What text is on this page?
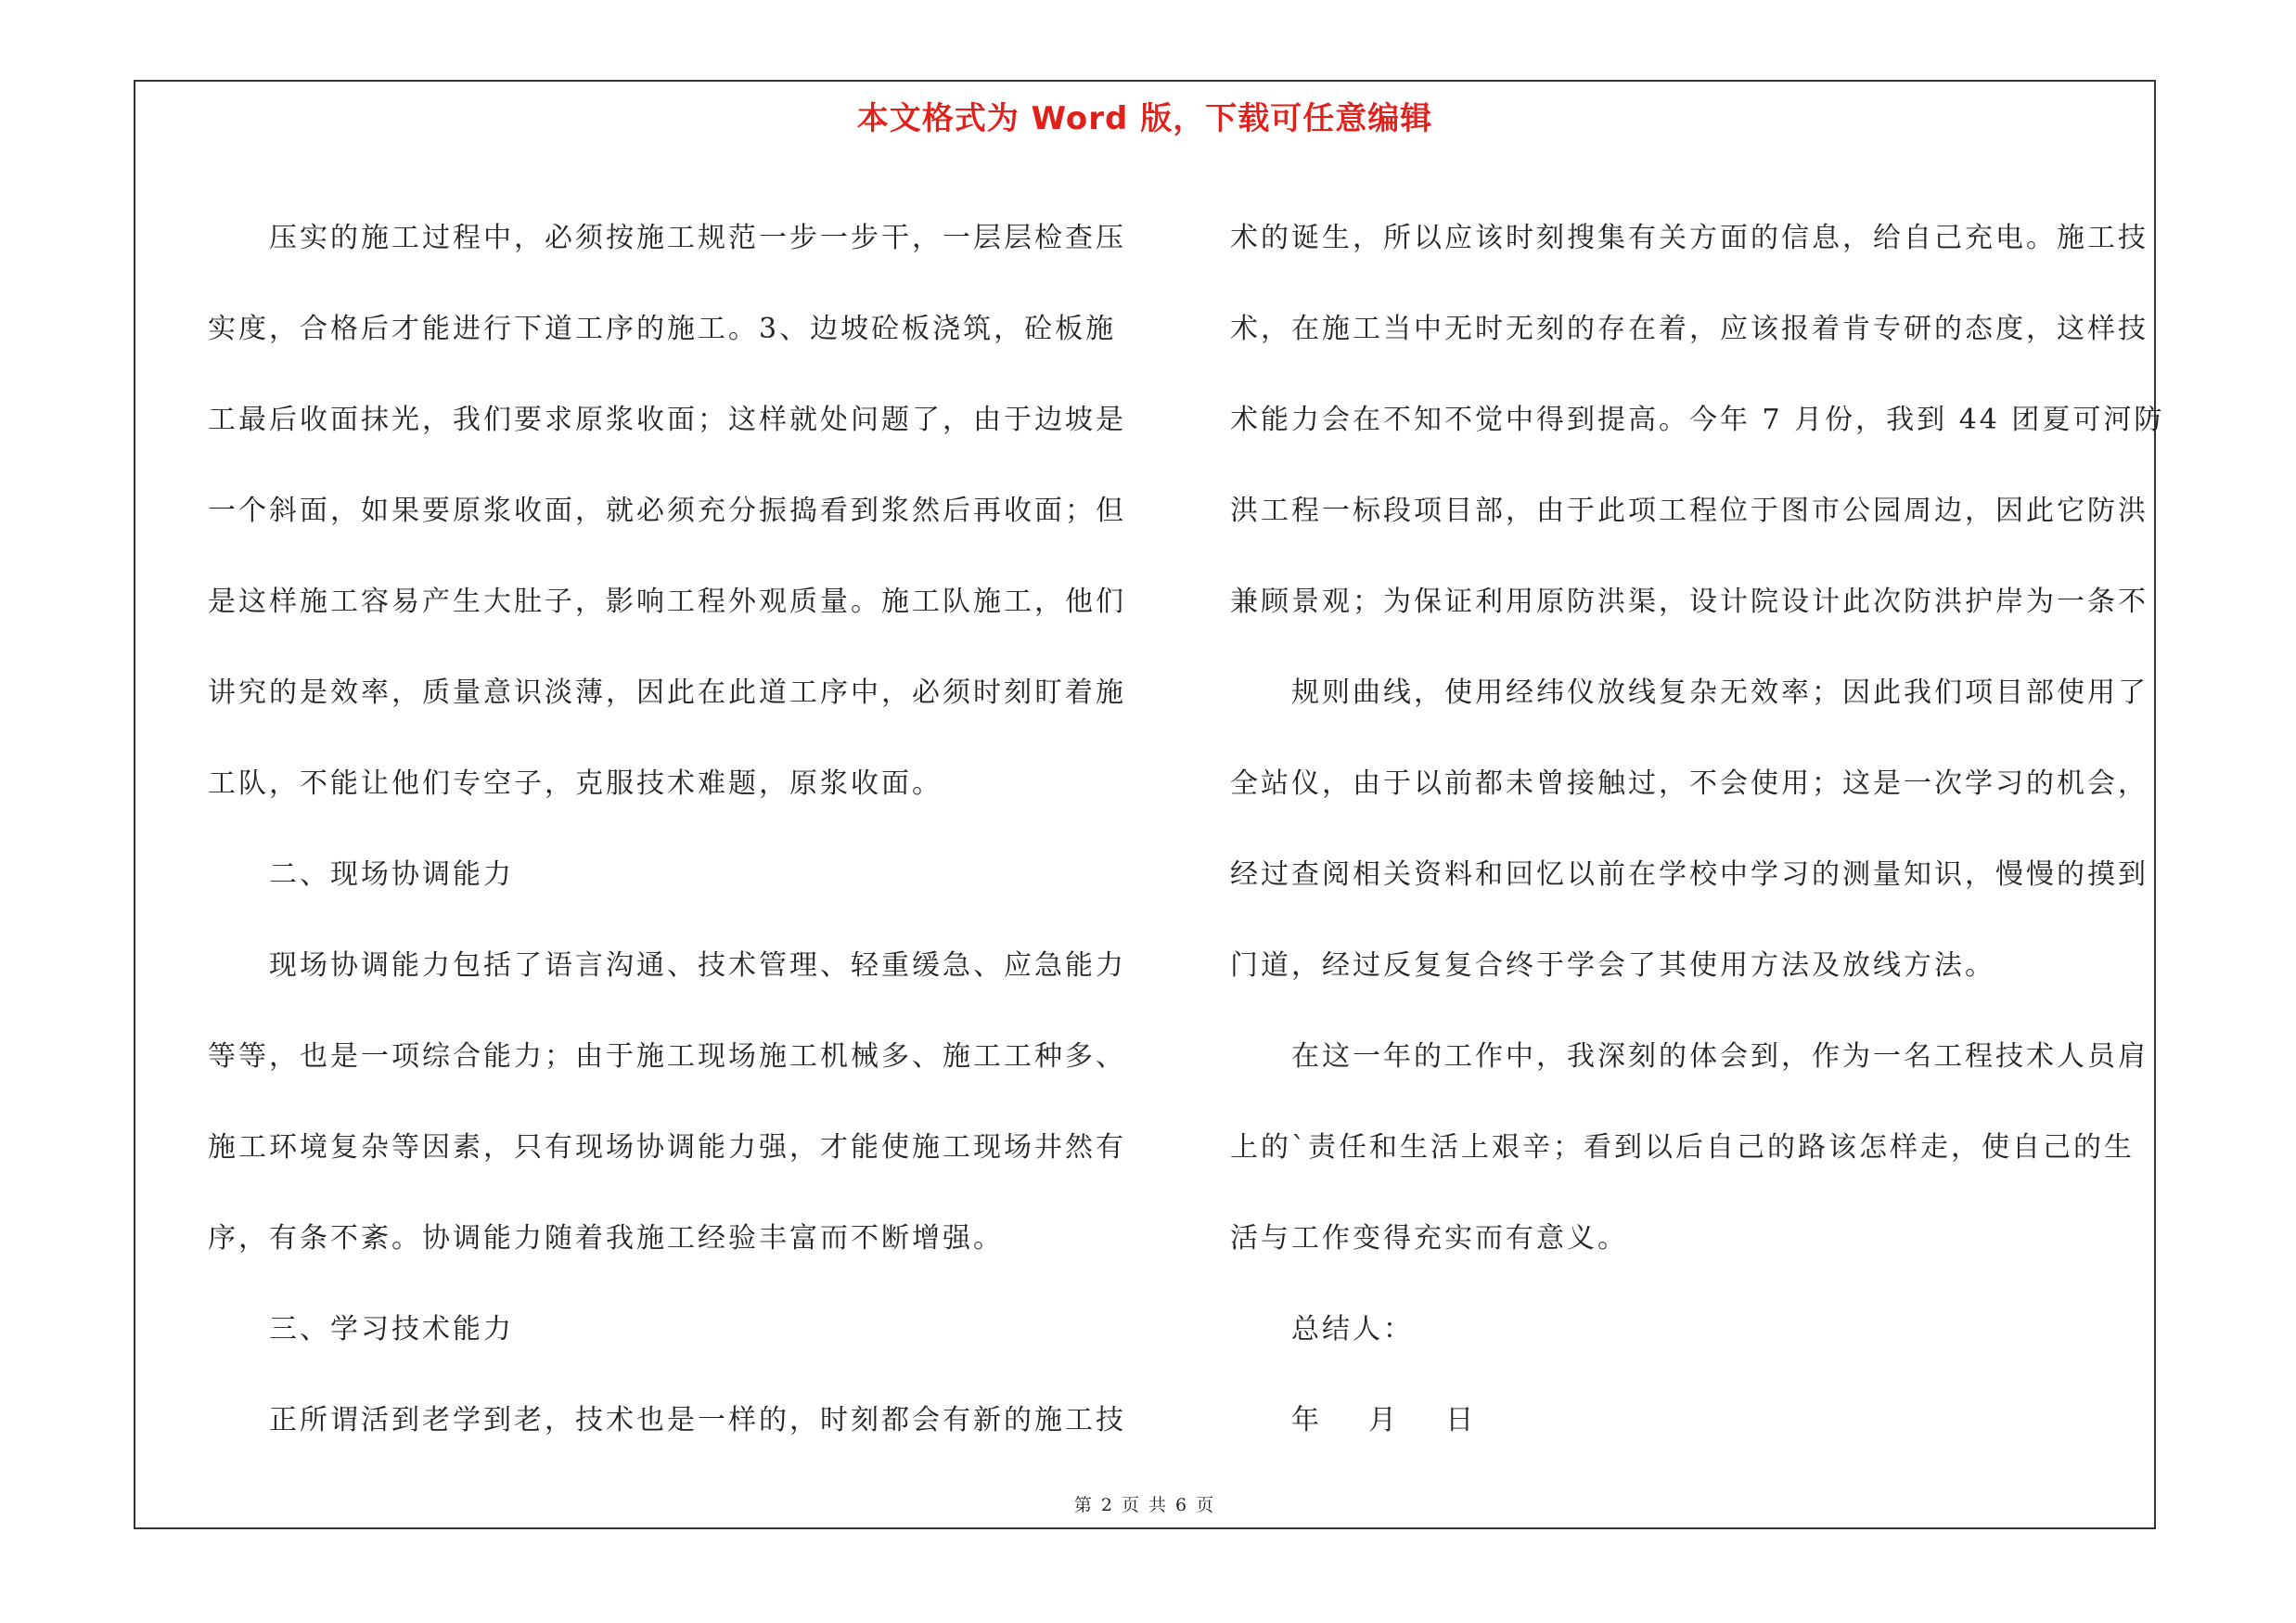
本文格式为 Word 版，下载可任意编辑
压实的施工过程中，必须按施工规范一步一步干，一层层检查压
实度，合格后才能进行下道工序的施工。3、边坡砼板浇筑，砼板施
工最后收面抹光，我们要求原浆收面；这样就处问题了，由于边坡是
一个斜面，如果要原浆收面，就必须充分振捣看到浆然后再收面；但
是这样施工容易产生大肚子，影响工程外观质量。施工队施工，他们
讲究的是效率，质量意识淡薄，因此在此道工序中，必须时刻盯着施
工队，不能让他们专空子，克服技术难题，原浆收面。
二、现场协调能力
现场协调能力包括了语言沟通、技术管理、轻重缓急、应急能力
等等，也是一项综合能力；由于施工现场施工机械多、施工工种多、
施工环境复杂等因素，只有现场协调能力强，才能使施工现场井然有
序，有条不紊。协调能力随着我施工经验丰富而不断增强。
三、学习技术能力
正所谓活到老学到老，技术也是一样的，时刻都会有新的施工技
术的诞生，所以应该时刻搜集有关方面的信息，给自己充电。施工技
术，在施工当中无时无刻的存在着，应该报着肯专研的态度，这样技
术能力会在不知不觉中得到提高。今年 7 月份，我到 44 团夏可河防
洪工程一标段项目部，由于此项工程位于图市公园周边，因此它防洪
兼顾景观；为保证利用原防洪渠，设计院设计此次防洪护岸为一条不
规则曲线，使用经纬仪放线复杂无效率；因此我们项目部使用了
全站仪，由于以前都未曾接触过，不会使用；这是一次学习的机会，
经过查阅相关资料和回忆以前在学校中学习的测量知识，慢慢的摸到
门道，经过反复复合终于学会了其使用方法及放线方法。
在这一年的工作中，我深刻的体会到，作为一名工程技术人员肩
上的`责任和生活上艰辛；看到以后自己的路该怎样走，使自己的生
活与工作变得充实而有意义。
总结人：
年    月    日
第 2 页 共 6 页
